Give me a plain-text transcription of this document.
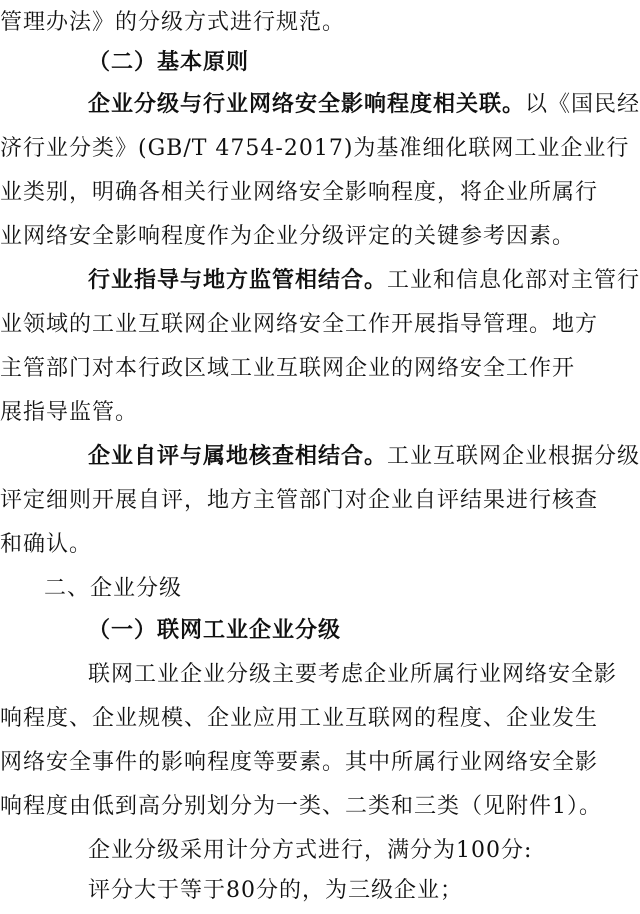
管理办法》的分级方式进行规范。
（二）基本原则
企业分级与行业网络安全影响程度相关联。以《国民经
济行业分类》(GB/T 4754-2017)为基准细化联网工业企业行
业类别，明确各相关行业网络安全影响程度，将企业所属行
业网络安全影响程度作为企业分级评定的关键参考因素。
行业指导与地方监管相结合。工业和信息化部对主管行
业领域的工业互联网企业网络安全工作开展指导管理。地方
主管部门对本行政区域工业互联网企业的网络安全工作开
展指导监管。
企业自评与属地核查相结合。工业互联网企业根据分级
评定细则开展自评，地方主管部门对企业自评结果进行核查
和确认。
二、企业分级
（一）联网工业企业分级
联网工业企业分级主要考虑企业所属行业网络安全影
响程度、企业规模、企业应用工业互联网的程度、企业发生
网络安全事件的影响程度等要素。其中所属行业网络安全影
响程度由低到高分别划分为一类、二类和三类（见附件1）。
企业分级采用计分方式进行，满分为100分:
评分大于等于80分的，为三级企业；
